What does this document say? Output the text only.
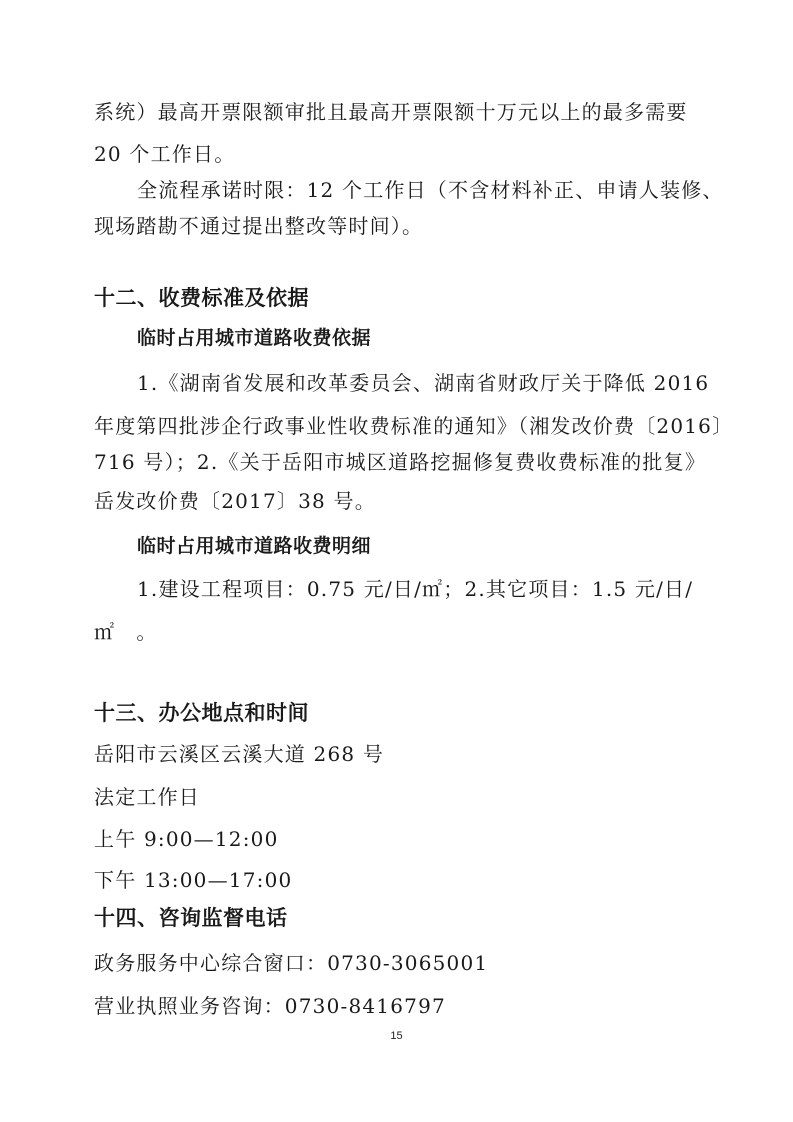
系统）最高开票限额审批且最高开票限额十万元以上的最多需要
20 个工作日。
全流程承诺时限：12 个工作日（不含材料补正、申请人装修、
现场踏勘不通过提出整改等时间）。
十二、收费标准及依据
临时占用城市道路收费依据
1.《湖南省发展和改革委员会、湖南省财政厅关于降低 2016
年度第四批涉企行政事业性收费标准的通知》（湘发改价费〔2016〕
716 号）；2.《关于岳阳市城区道路挖掘修复费收费标准的批复》
岳发改价费〔2017〕38 号。
临时占用城市道路收费明细
1.建设工程项目：0.75 元/日/㎡；2.其它项目：1.5 元/日/
㎡　。
十三、办公地点和时间
岳阳市云溪区云溪大道 268 号
法定工作日
上午 9:00—12:00
下午 13:00—17:00
十四、咨询监督电话
政务服务中心综合窗口：0730-3065001
营业执照业务咨询：0730-8416797
15
